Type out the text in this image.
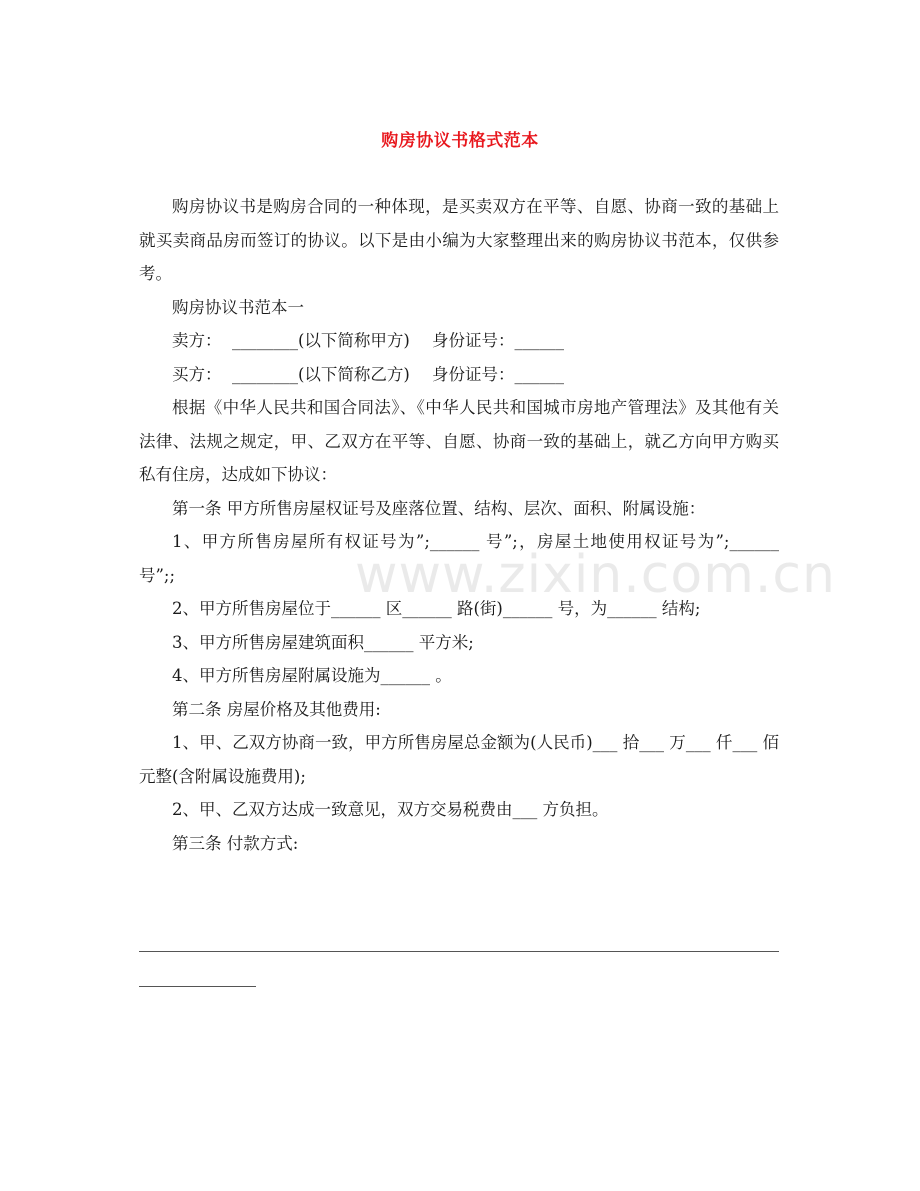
购房协议书格式范本
www.zixin.com.cn

购房协议书是购房合同的一种体现，是买卖双方在平等、自愿、协商一致的基础上就买卖商品房而签订的协议。以下是由小编为大家整理出来的购房协议书范本，仅供参考。

购房协议书范本一

卖方：  ________(以下简称甲方)	身份证号：______
买方：  ________(以下简称乙方)	身份证号：______

根据《中华人民共和国合同法》、《中华人民共和国城市房地产管理法》及其他有关法律、法规之规定，甲、乙双方在平等、自愿、协商一致的基础上，就乙方向甲方购买私有住房，达成如下协议：

第一条 甲方所售房屋权证号及座落位置、结构、层次、面积、附属设施：

1、甲方所售房屋所有权证号为”;______ 号”;，房屋土地使用权证号为”;______ 号”;;

2、甲方所售房屋位于______ 区______ 路(街)______ 号，为______ 结构;

3、甲方所售房屋建筑面积______ 平方米;

4、甲方所售房屋附属设施为______ 。

第二条 房屋价格及其他费用:

1、甲、乙双方协商一致，甲方所售房屋总金额为(人民币)___ 拾___ 万___ 仟___ 佰元整(含附属设施费用);

2、甲、乙双方达成一致意见，双方交易税费由___ 方负担。

第三条 付款方式:
